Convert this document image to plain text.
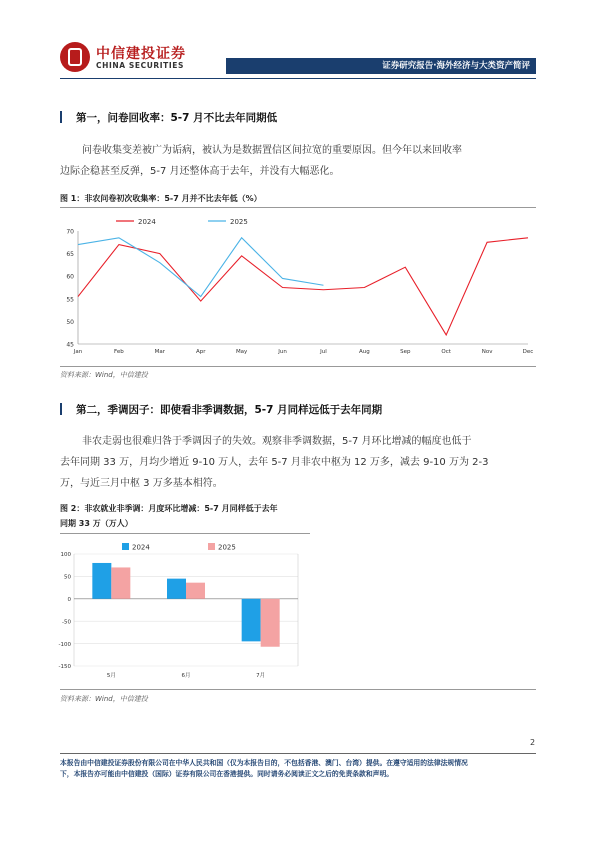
中信建投证券
CHINA SECURITIES	证券研究报告·海外经济与大类资产简评
第一，问卷回收率：5-7 月不比去年同期低
问卷收集变差被广为诟病，被认为是数据置信区间拉宽的重要原因。但今年以来回收率
边际企稳甚至反弹，5-7 月还整体高于去年，并没有大幅恶化。
图 1：非农问卷初次收集率：5-7 月并不比去年低（%）
2024	2025
45
50
55
60
65
70
Jan	Feb	Mar	Apr	May	Jun	Jul	Aug	Sep	Oct	Nov	Dec
资料来源：Wind，中信建投
第二，季调因子：即使看非季调数据，5-7 月同样远低于去年同期
非农走弱也很难归咎于季调因子的失效。观察非季调数据，5-7 月环比增减的幅度也低于
去年同期 33 万，月均少增近 9-10 万人，去年 5-7 月非农中枢为 12 万多，减去 9-10 万为 2-3
万，与近三月中枢 3 万多基本相符。
图 2：非农就业非季调：月度环比增减：5-7 月同样低于去年
同期 33 万（万人）
2024	2025
100
50
0
-50
-100
-150
5月	6月	7月
资料来源：Wind，中信建投
2
本报告由中信建投证券股份有限公司在中华人民共和国（仅为本报告目的，不包括香港、澳门、台湾）提供。在遵守适用的法律法规情况
下，本报告亦可能由中信建投（国际）证券有限公司在香港提供。同时请务必阅读正文之后的免责条款和声明。
